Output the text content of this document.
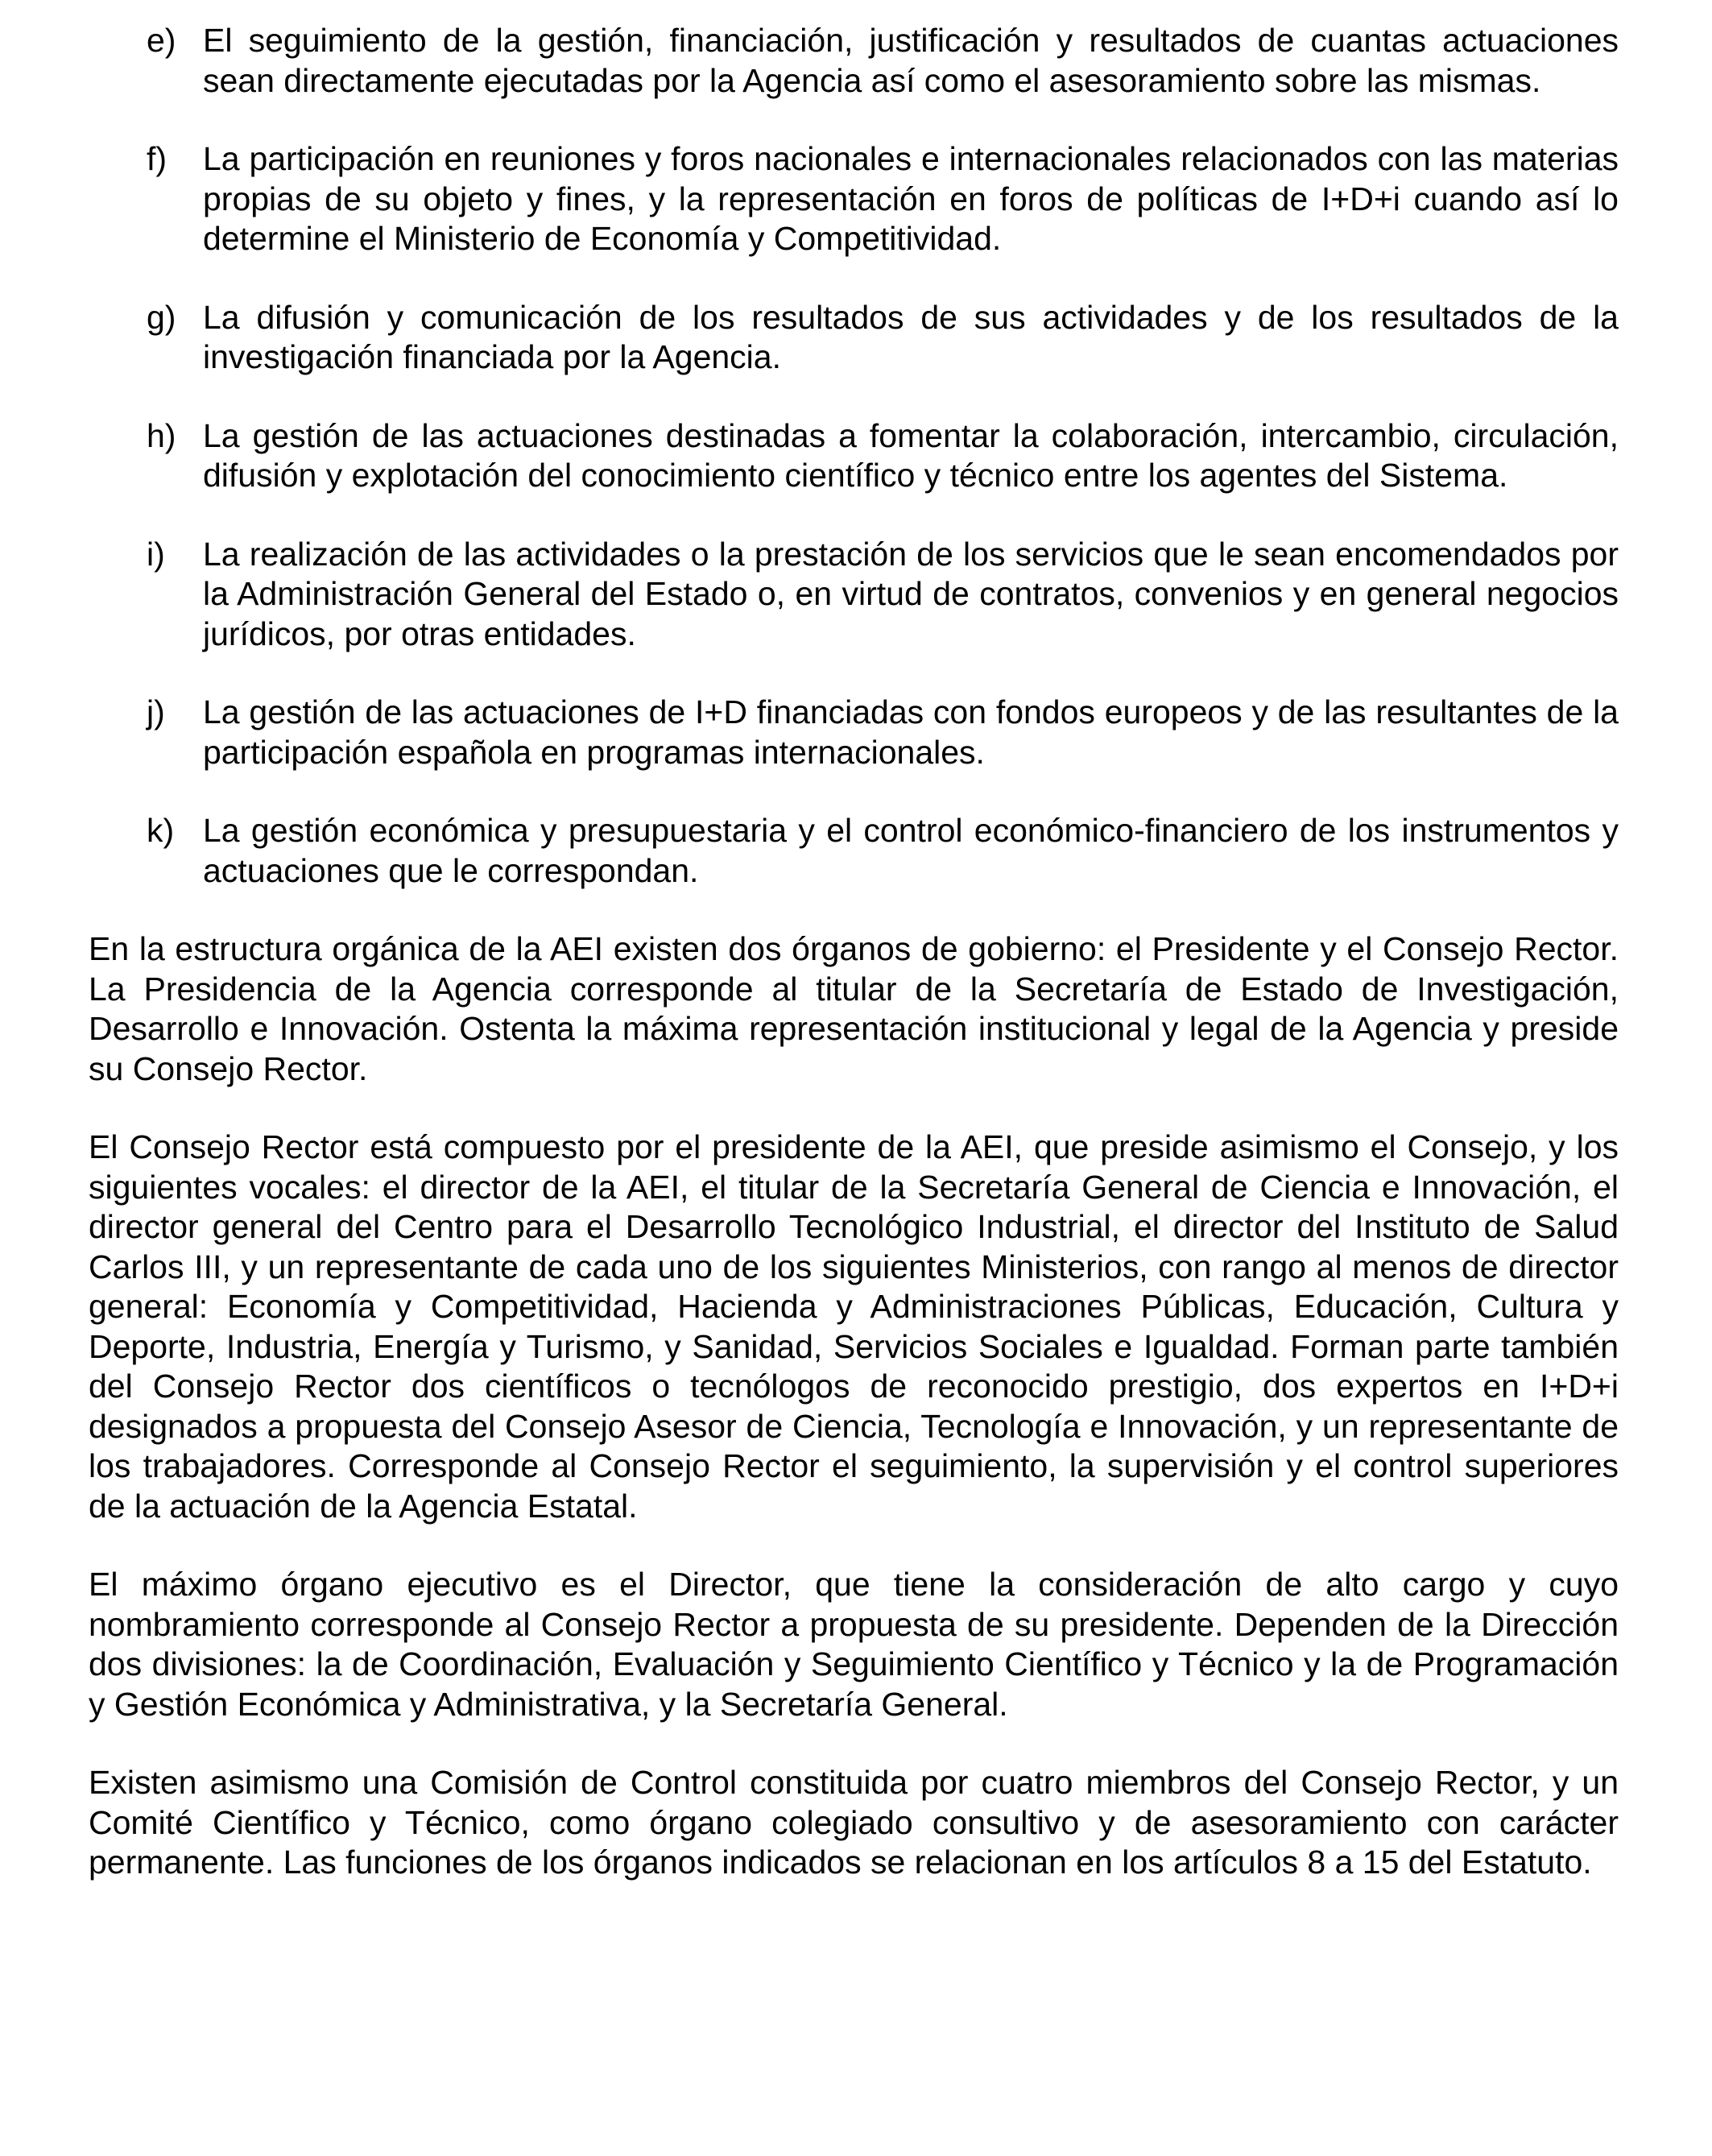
e) El seguimiento de la gestión, financiación, justificación y resultados de cuantas actuaciones sean directamente ejecutadas por la Agencia así como el asesoramiento sobre las mismas.
f)	La participación en reuniones y foros nacionales e internacionales relacionados con las materias propias de su objeto y fines, y la representación en foros de políticas de I+D+i cuando así lo determine el Ministerio de Economía y Competitividad.
g) La difusión y comunicación de los resultados de sus actividades y de los resultados de la investigación financiada por la Agencia.
h) La gestión de las actuaciones destinadas a fomentar la colaboración, intercambio, circulación, difusión y explotación del conocimiento científico y técnico entre los agentes del Sistema.
i)	La realización de las actividades o la prestación de los servicios que le sean encomendados por la Administración General del Estado o, en virtud de contratos, convenios y en general negocios jurídicos, por otras entidades.
j)	La gestión de las actuaciones de I+D financiadas con fondos europeos y de las resultantes de la participación española en programas internacionales.
k) La gestión económica y presupuestaria y el control económico-financiero de los instrumentos y actuaciones que le correspondan.

En la estructura orgánica de la AEI existen dos órganos de gobierno: el Presidente y el Consejo Rector. La Presidencia de la Agencia corresponde al titular de la Secretaría de Estado de Investigación, Desarrollo e Innovación. Ostenta la máxima representación institucional y legal de la Agencia y preside su Consejo Rector.

El Consejo Rector está compuesto por el presidente de la AEI, que preside asimismo el Consejo, y los siguientes vocales: el director de la AEI, el titular de la Secretaría General de Ciencia e Innovación, el director general del Centro para el Desarrollo Tecnológico Industrial, el director del Instituto de Salud Carlos III, y un representante de cada uno de los siguientes Ministerios, con rango al menos de director general: Economía y Competitividad, Hacienda y Administraciones Públicas, Educación, Cultura y Deporte, Industria, Energía y Turismo, y Sanidad, Servicios Sociales e Igualdad. Forman parte también del Consejo Rector dos científicos o tecnólogos de reconocido prestigio, dos expertos en I+D+i designados a propuesta del Consejo Asesor de Ciencia, Tecnología e Innovación, y un representante de los trabajadores. Corresponde al Consejo Rector el seguimiento, la supervisión y el control superiores de la actuación de la Agencia Estatal.

El máximo órgano ejecutivo es el Director, que tiene la consideración de alto cargo y cuyo nombramiento corresponde al Consejo Rector a propuesta de su presidente. Dependen de la Dirección dos divisiones: la de Coordinación, Evaluación y Seguimiento Científico y Técnico y la de Programación y Gestión Económica y Administrativa, y la Secretaría General.

Existen asimismo una Comisión de Control constituida por cuatro miembros del Consejo Rector, y un Comité Científico y Técnico, como órgano colegiado consultivo y de asesoramiento con carácter permanente. Las funciones de los órganos indicados se relacionan en los artículos 8 a 15 del Estatuto.
